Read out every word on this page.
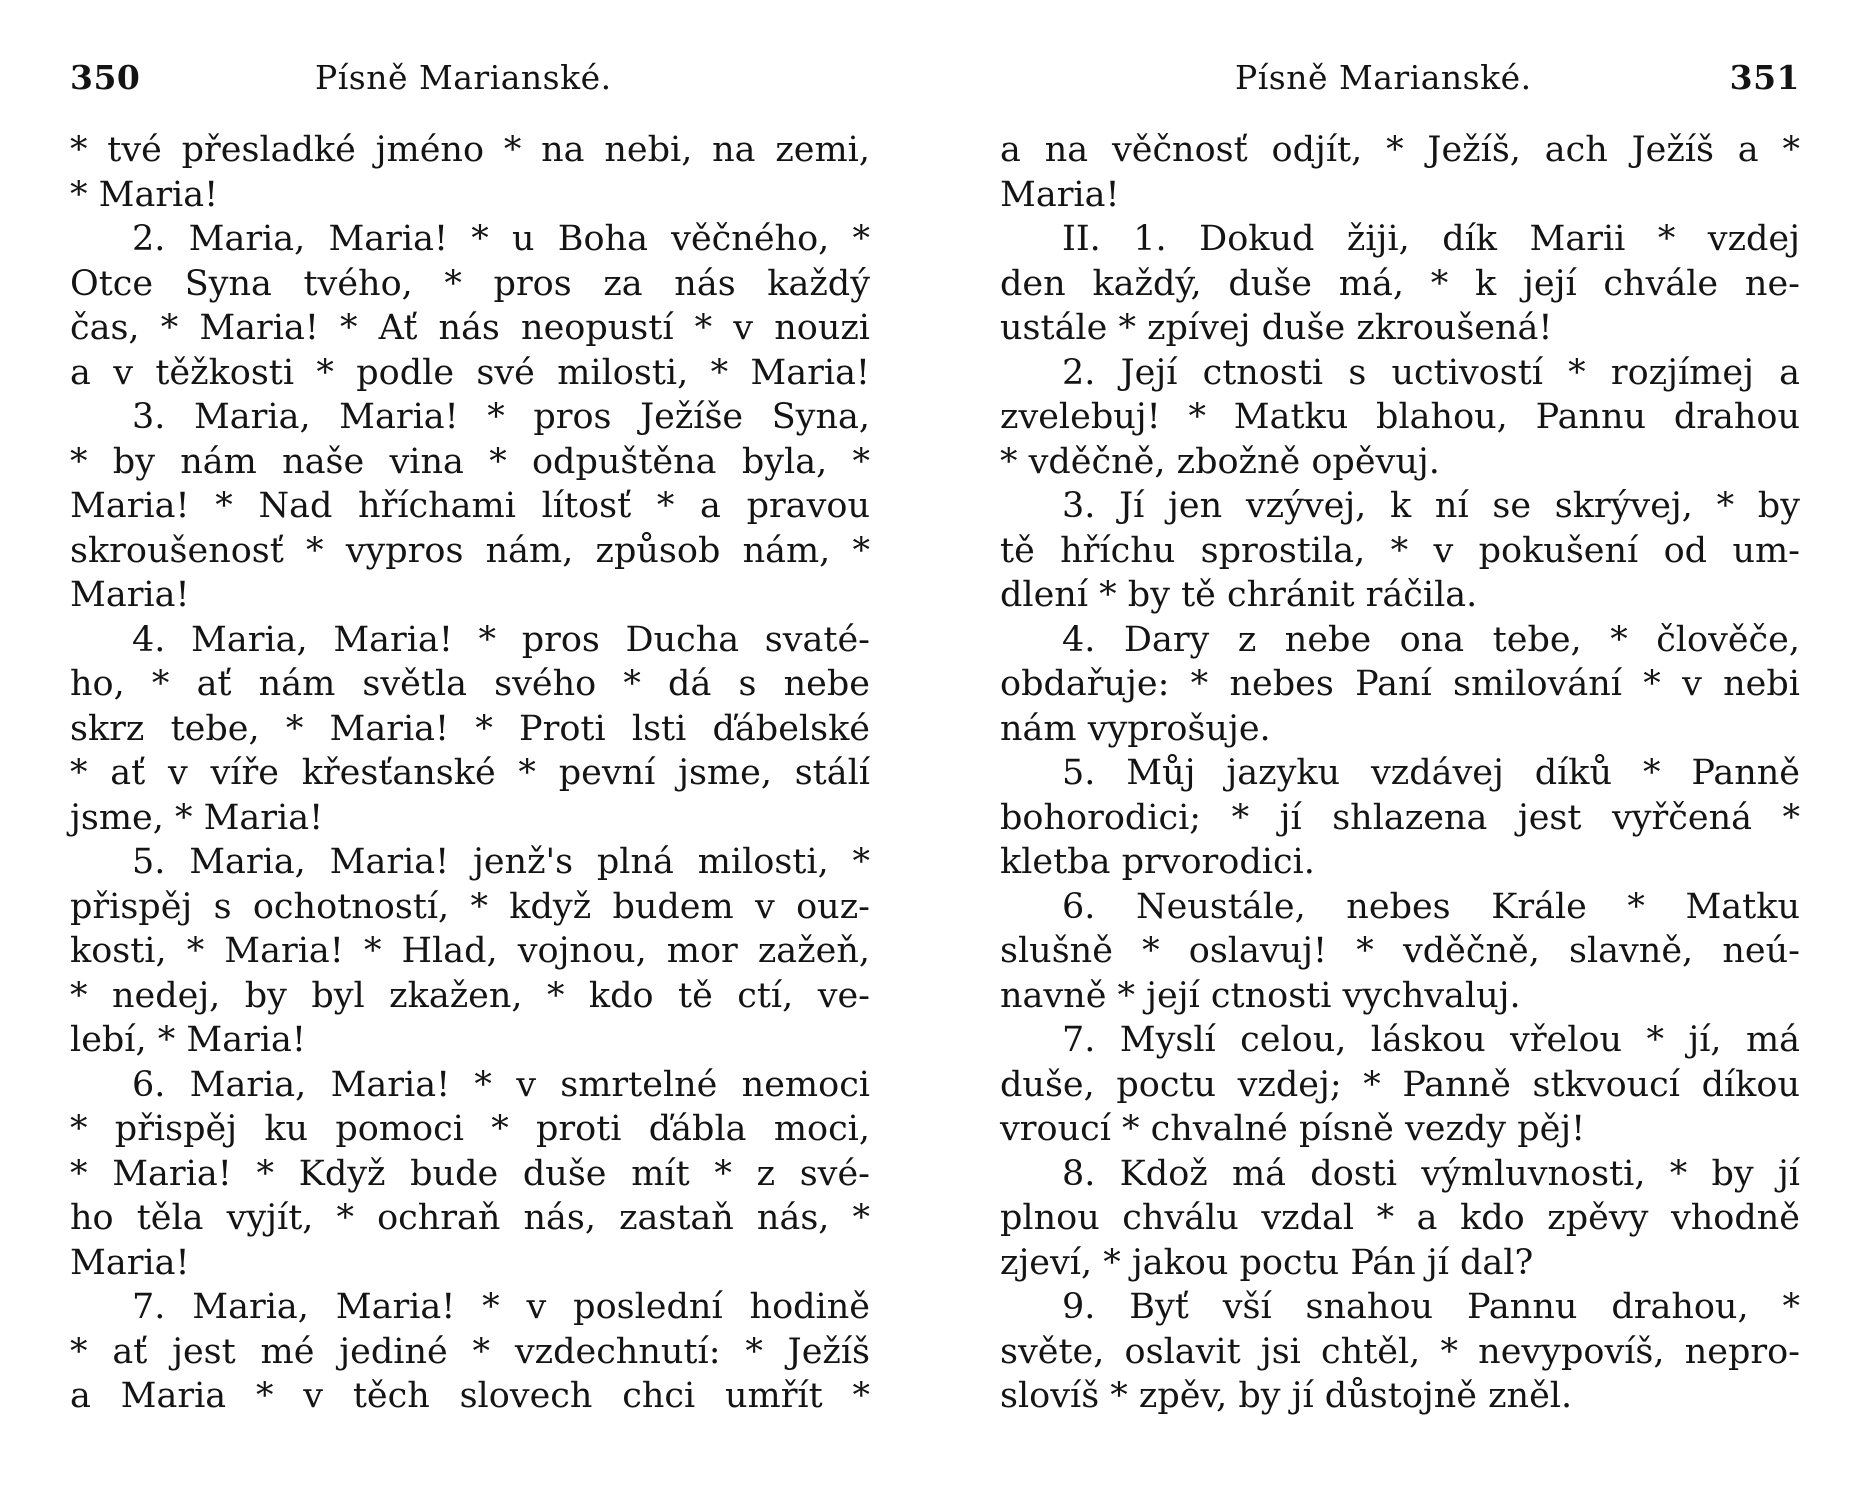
350	Písně Marianské.
* tvé přesladké jméno * na nebi, na zemi,
* Maria!
2. Maria, Maria! * u Boha věčného, *
Otce Syna tvého, * pros za nás každý
čas, * Maria! * Ať nás neopustí * v nouzi
a v těžkosti * podle své milosti, * Maria!
3. Maria, Maria! * pros Ježíše Syna,
* by nám naše vina * odpuštěna byla, *
Maria! * Nad hříchami lítosť * a pravou
skroušenosť * vypros nám, způsob nám, *
Maria!
4. Maria, Maria! * pros Ducha svaté-
ho, * ať nám světla svého * dá s nebe
skrz tebe, * Maria! * Proti lsti ďábelské
* ať v víře křesťanské * pevní jsme, stálí
jsme, * Maria!
5. Maria, Maria! jenž's plná milosti, *
přispěj s ochotností, * když budem v ouz-
kosti, * Maria! * Hlad, vojnou, mor zažeň,
* nedej, by byl zkažen, * kdo tě ctí, ve-
lebí, * Maria!
6. Maria, Maria! * v smrtelné nemoci
* přispěj ku pomoci * proti ďábla moci,
* Maria! * Když bude duše mít * z své-
ho těla vyjít, * ochraň nás, zastaň nás, *
Maria!
7. Maria, Maria! * v poslední hodině
* ať jest mé jediné * vzdechnutí: * Ježíš
a Maria * v těch slovech chci umřít *
Písně Marianské.	351
a na věčnosť odjít, * Ježíš, ach Ježíš a *
Maria!
II. 1. Dokud žiji, dík Marii * vzdej
den každý, duše má, * k její chvále ne-
ustále * zpívej duše zkroušená!
2. Její ctnosti s uctivostí * rozjímej a
zvelebuj! * Matku blahou, Pannu drahou
* vděčně, zbožně opěvuj.
3. Jí jen vzývej, k ní se skrývej, * by
tě hříchu sprostila, * v pokušení od um-
dlení * by tě chránit ráčila.
4. Dary z nebe ona tebe, * člověče,
obdařuje: * nebes Paní smilování * v nebi
nám vyprošuje.
5. Můj jazyku vzdávej díků * Panně
bohorodici; * jí shlazena jest vyřčená *
kletba prvorodici.
6. Neustále, nebes Krále * Matku
slušně * oslavuj! * vděčně, slavně, neú-
navně * její ctnosti vychvaluj.
7. Myslí celou, láskou vřelou * jí, má
duše, poctu vzdej; * Panně stkvoucí díkou
vroucí * chvalné písně vezdy pěj!
8. Kdož má dosti výmluvnosti, * by jí
plnou chválu vzdal * a kdo zpěvy vhodně
zjeví, * jakou poctu Pán jí dal?
9. Byť vší snahou Pannu drahou, *
světe, oslavit jsi chtěl, * nevypovíš, nepro-
slovíš * zpěv, by jí důstojně zněl.
